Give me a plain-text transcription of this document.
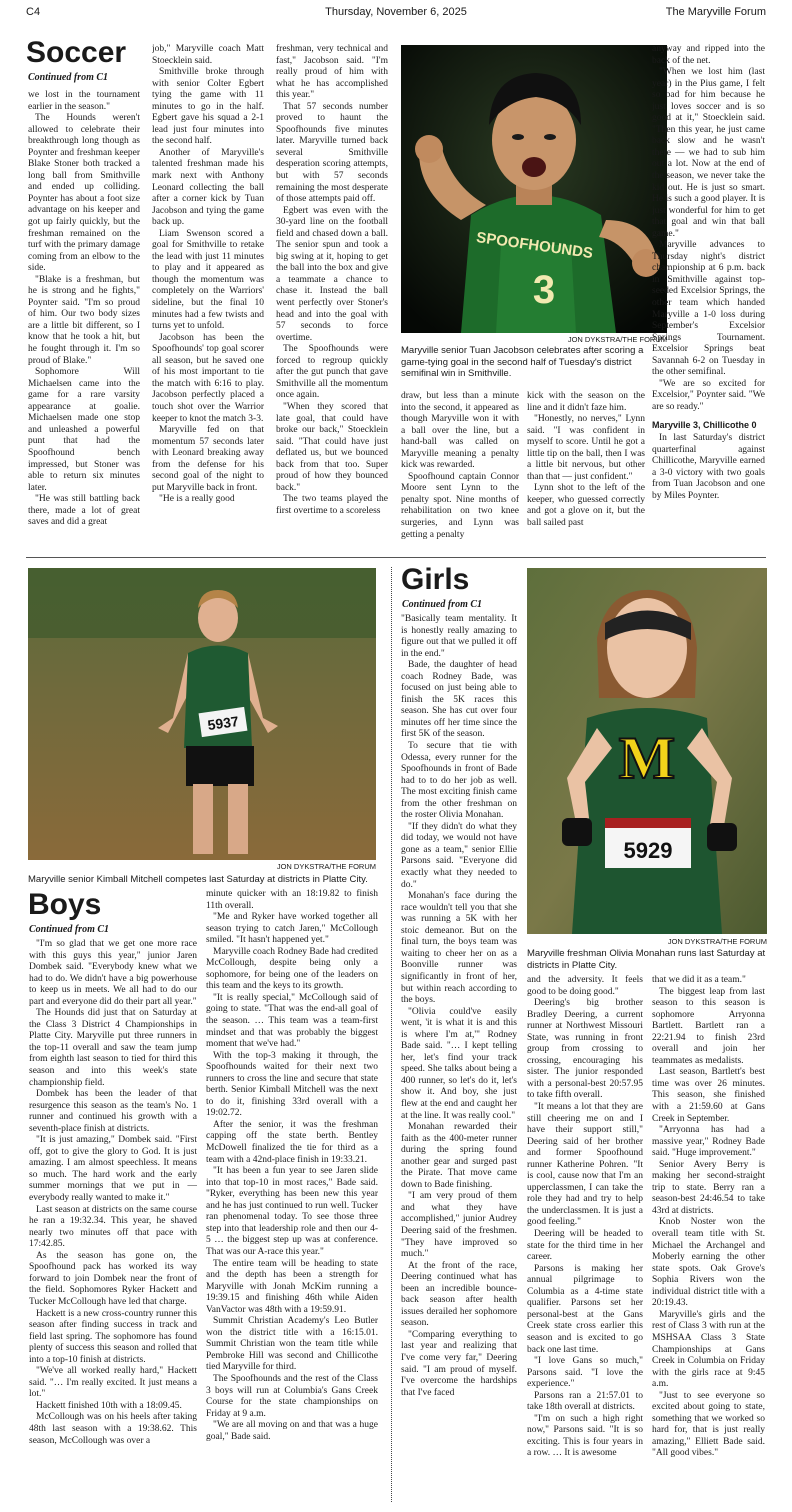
C4	Thursday, November 6, 2025	The Maryville Forum
Soccer
Continued from C1

we lost in the tournament earlier in the season."

The Hounds weren't allowed to celebrate their breakthrough long though as Poynter and freshman keeper Blake Stoner both tracked a long ball from Smithville and ended up colliding. Poynter has about a foot size advantage on his keeper and got up fairly quickly, but the freshman remained on the turf with the primary damage coming from an elbow to the side.

"Blake is a freshman, but he is strong and he fights," Poynter said. "I'm so proud of him. Our two body sizes are a little bit different, so I know that he took a hit, but he fought through it. I'm so proud of Blake."

Sophomore Will Michaelsen came into the game for a rare varsity appearance at goalie. Michaelsen made one stop and unleashed a powerful punt that had the Spoofhound bench impressed, but Stoner was able to return six minutes later.

"He was still battling back there, made a lot of great saves and did a great

job," Maryville coach Matt Stoecklein said.

Smithville broke through with senior Colter Egbert tying the game with 11 minutes to go in the half. Egbert gave his squad a 2-1 lead just four minutes into the second half.

Another of Maryville's talented freshman made his mark next with Anthony Leonard collecting the ball after a corner kick by Tuan Jacobson and tying the game back up.

Liam Swenson scored a goal for Smithville to retake the lead with just 11 minutes to play and it appeared as though the momentum was completely on the Warriors' sideline, but the final 10 minutes had a few twists and turns yet to unfold.

Jacobson has been the Spoofhounds' top goal scorer all season, but he saved one of his most important to tie the match with 6:16 to play. Jacobson perfectly placed a touch shot over the Warrior keeper to knot the match 3-3.

Maryville fed on that momentum 57 seconds later with Leonard breaking away from the defense for his second goal of the night to put Maryville back in front.

"He is a really good

freshman, very technical and fast," Jacobson said. "I'm really proud of him with what he has accomplished this year."

That 57 seconds number proved to haunt the Spoofhounds five minutes later. Maryville turned back several Smithville desperation scoring attempts, but with 57 seconds remaining the most desperate of those attempts paid off.

Egbert was even with the 30-yard line on the football field and chased down a ball. The senior spun and took a big swing at it, hoping to get the ball into the box and give a teammate a chance to chase it. Instead the ball went perfectly over Stoner's head and into the goal with 57 seconds to force overtime.

The Spoofhounds were forced to regroup quickly after the gut punch that gave Smithville all the momentum once again.

"When they scored that late goal, that could have broke our back," Stoecklein said. "That could have just deflated us, but we bounced back from that too. Super proud of how they bounced back."

The two teams played the first overtime to a scoreless

SPOOFHOUNDS
3
JON DYKSTRA/THE FORUM
Maryville senior Tuan Jacobson celebrates after scoring a game-tying goal in the second half of Tuesday's district semifinal win in Smithville.

draw, but less than a minute into the second, it appeared as though Maryville won it with a ball over the line, but a hand-ball was called on Maryville meaning a penalty kick was rewarded.

Spoofhound captain Connor Moore sent Lynn to the penalty spot. Nine months of rehabilitation on two knee surgeries, and Lynn was getting a penalty

kick with the season on the line and it didn't faze him.

"Honestly, no nerves," Lynn said. "I was confident in myself to score. Until he got a little tip on the ball, then I was a little bit nervous, but other than that — just confident."

Lynn shot to the left of the keeper, who guessed correctly and got a glove on it, but the ball sailed past

anyway and ripped into the back of the net.

"When we lost him (last year) in the Pius game, I felt so bad for him because he just loves soccer and is so good at it," Stoecklein said. "Then this year, he just came back slow and he wasn't there — we had to sub him out a lot. Now at the end of the season, we never take the kid out. He is just so smart. He is such a good player. It is just wonderful for him to get that goal and win that ball game."

Maryville advances to Thursday night's district championship at 6 p.m. back in Smithville against top-seeded Excelsior Springs, the other team which handed Maryville a 1-0 loss during September's Excelsior Springs Tournament. Excelsior Springs beat Savannah 6-2 on Tuesday in the other semifinal.

"We are so excited for Excelsior," Poynter said. "We are so ready."

Maryville 3, Chillicothe 0

In last Saturday's district quarterfinal against Chillicothe, Maryville earned a 3-0 victory with two goals from Tuan Jacobson and one by Miles Poynter.

5937
JON DYKSTRA/THE FORUM
Maryville senior Kimball Mitchell competes last Saturday at districts in Platte City.
Boys
Continued from C1

"I'm so glad that we get one more race with this guys this year," junior Jaren Dombek said. "Everybody knew what we had to do. We didn't have a big powerhouse to keep us in meets. We all had to do our part and everyone did do their part all year."

The Hounds did just that on Saturday at the Class 3 District 4 Championships in Platte City. Maryville put three runners in the top-11 overall and saw the team jump from eighth last season to tied for third this season and into this week's state championship field.

Dombek has been the leader of that resurgence this season as the team's No. 1 runner and continued his growth with a seventh-place finish at districts.

"It is just amazing," Dombek said. "First off, got to give the glory to God. It is just amazing. I am almost speechless. It means so much. The hard work and the early summer mornings that we put in — everybody really wanted to make it."

Last season at districts on the same course he ran a 19:32.34. This year, he shaved nearly two minutes off that pace with 17:42.85.

As the season has gone on, the Spoofhound pack has worked its way forward to join Dombek near the front of the field. Sophomores Ryker Hackett and Tucker McCollough have led that charge.

Hackett is a new cross-country runner this season after finding success in track and field last spring. The sophomore has found plenty of success this season and rolled that into a top-10 finish at districts.

"We've all worked really hard," Hackett said. "… I'm really excited. It just means a lot."

Hackett finished 10th with a 18:09.45.

McCollough was on his heels after taking 48th last season with a 19:38.62. This season, McCollough was over a

minute quicker with an 18:19.82 to finish 11th overall.

"Me and Ryker have worked together all season trying to catch Jaren," McCollough smiled. "It hasn't happened yet."

Maryville coach Rodney Bade had credited McCollough, despite being only a sophomore, for being one of the leaders on this team and the keys to its growth.

"It is really special," McCollough said of going to state. "That was the end-all goal of the season. … This team was a team-first mindset and that was probably the biggest moment that we've had."

With the top-3 making it through, the Spoofhounds waited for their next two runners to cross the line and secure that state berth. Senior Kimball Mitchell was the next to do it, finishing 33rd overall with a 19:02.72.

After the senior, it was the freshman capping off the state berth. Bentley McDowell finalized the tie for third as a team with a 42nd-place finish in 19:33.21.

"It has been a fun year to see Jaren slide into that top-10 in most races," Bade said. "Ryker, everything has been new this year and he has just continued to run well. Tucker ran phenomenal today. To see those three step into that leadership role and then our 4-5 … the biggest step up was at conference. That was our A-race this year."

The entire team will be heading to state and the depth has been a strength for Maryville with Jonah McKim running a 19:39.15 and finishing 46th while Aiden VanVactor was 48th with a 19:59.91.

Summit Christian Academy's Leo Butler won the district title with a 16:15.01. Summit Christian won the team title while Pembroke Hill was second and Chillicothe tied Maryville for third.

The Spoofhounds and the rest of the Class 3 boys will run at Columbia's Gans Creek Course for the state championships on Friday at 9 a.m.

"We are all moving on and that was a huge goal," Bade said.

Girls
Continued from C1

"Basically team mentality. It is honestly really amazing to figure out that we pulled it off in the end."

Bade, the daughter of head coach Rodney Bade, was focused on just being able to finish the 5K races this season. She has cut over four minutes off her time since the first 5K of the season.

To secure that tie with Odessa, every runner for the Spoofhounds in front of Bade had to to do her job as well. The most exciting finish came from the other freshman on the roster Olivia Monahan.

"If they didn't do what they did today, we would not have gone as a team," senior Ellie Parsons said. "Everyone did exactly what they needed to do."

Monahan's face during the race wouldn't tell you that she was running a 5K with her stoic demeanor. But on the final turn, the boys team was waiting to cheer her on as a Boonville runner was significantly in front of her, but within reach according to the boys.

"Olivia could've easily went, 'it is what it is and this is where I'm at,'" Rodney Bade said. "… I kept telling her, let's find your track speed. She talks about being a 400 runner, so let's do it, let's show it. And boy, she just flew at the end and caught her at the line. It was really cool."

Monahan rewarded their faith as the 400-meter runner during the spring found another gear and surged past the Pirate. That move came down to Bade finishing.

"I am very proud of them and what they have accomplished," junior Audrey Deering said of the freshmen. "They have improved so much."

At the front of the race, Deering continued what has been an incredible bounce-back season after health issues derailed her sophomore season.

"Comparing everything to last year and realizing that I've come very far," Deering said. "I am proud of myself. I've overcome the hardships that I've faced

M
5929
JON DYKSTRA/THE FORUM
Maryville freshman Olivia Monahan runs last Saturday at districts in Platte City.

and the adversity. It feels good to be doing good."

Deering's big brother Bradley Deering, a current runner at Northwest Missouri State, was running in front group from crossing to crossing, encouraging his sister. The junior responded with a personal-best 20:57.95 to take fifth overall.

"It means a lot that they are still cheering me on and I have their support still," Deering said of her brother and former Spoofhound runner Katherine Pohren. "It is cool, cause now that I'm an upperclassmen, I can take the role they had and try to help the underclassmen. It is just a good feeling."

Deering will be headed to state for the third time in her career.

Parsons is making her annual pilgrimage to Columbia as a 4-time state qualifier. Parsons set her personal-best at the Gans Creek state cross earlier this season and is excited to go back one last time.

"I love Gans so much," Parsons said. "I love the experience."

Parsons ran a 21:57.01 to take 18th overall at districts.

"I'm on such a high right now," Parsons said. "It is so exciting. This is four years in a row. … It is awesome

that we did it as a team."

The biggest leap from last season to this season is sophomore Arryonna Bartlett. Bartlett ran a 22:21.94 to finish 23rd overall and join her teammates as medalists.

Last season, Bartlett's best time was over 26 minutes. This season, she finished with a 21:59.60 at Gans Creek in September.

"Arryonna has had a massive year," Rodney Bade said. "Huge improvement."

Senior Avery Berry is making her second-straight trip to state. Berry ran a season-best 24:46.54 to take 43rd at districts.

Knob Noster won the overall team title with St. Michael the Archangel and Moberly earning the other state spots. Oak Grove's Sophia Rivers won the individual district title with a 20:19.43.

Maryville's girls and the rest of Class 3 with run at the MSHSAA Class 3 State Championships at Gans Creek in Columbia on Friday with the girls race at 9:45 a.m.

"Just to see everyone so excited about going to state, something that we worked so hard for, that is just really amazing," Elliett Bade said. "All good vibes."
